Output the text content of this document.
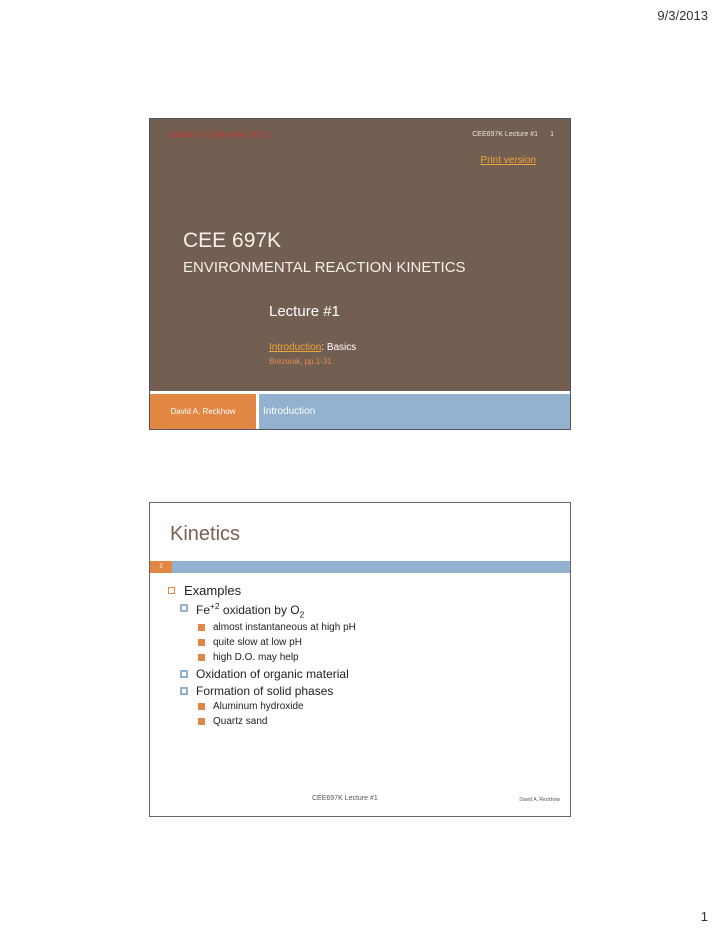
9/3/2013
Updated: 3 September 2013	CEE697K Lecture #1 1
Print version
CEE 697K
ENVIRONMENTAL REACTION KINETICS
Lecture #1
Introduction: Basics
Brezonik, pp.1-31
David A. Reckhow	Introduction
Kinetics
2
Examples
$Fe^{+2}$ oxidation by $O_2$
almost instantaneous at high pH
quite slow at low pH
high D.O. may help
Oxidation of organic material
Formation of solid phases
Aluminum hydroxide
Quartz sand
CEE697K Lecture #1	David A. Reckhow
1
